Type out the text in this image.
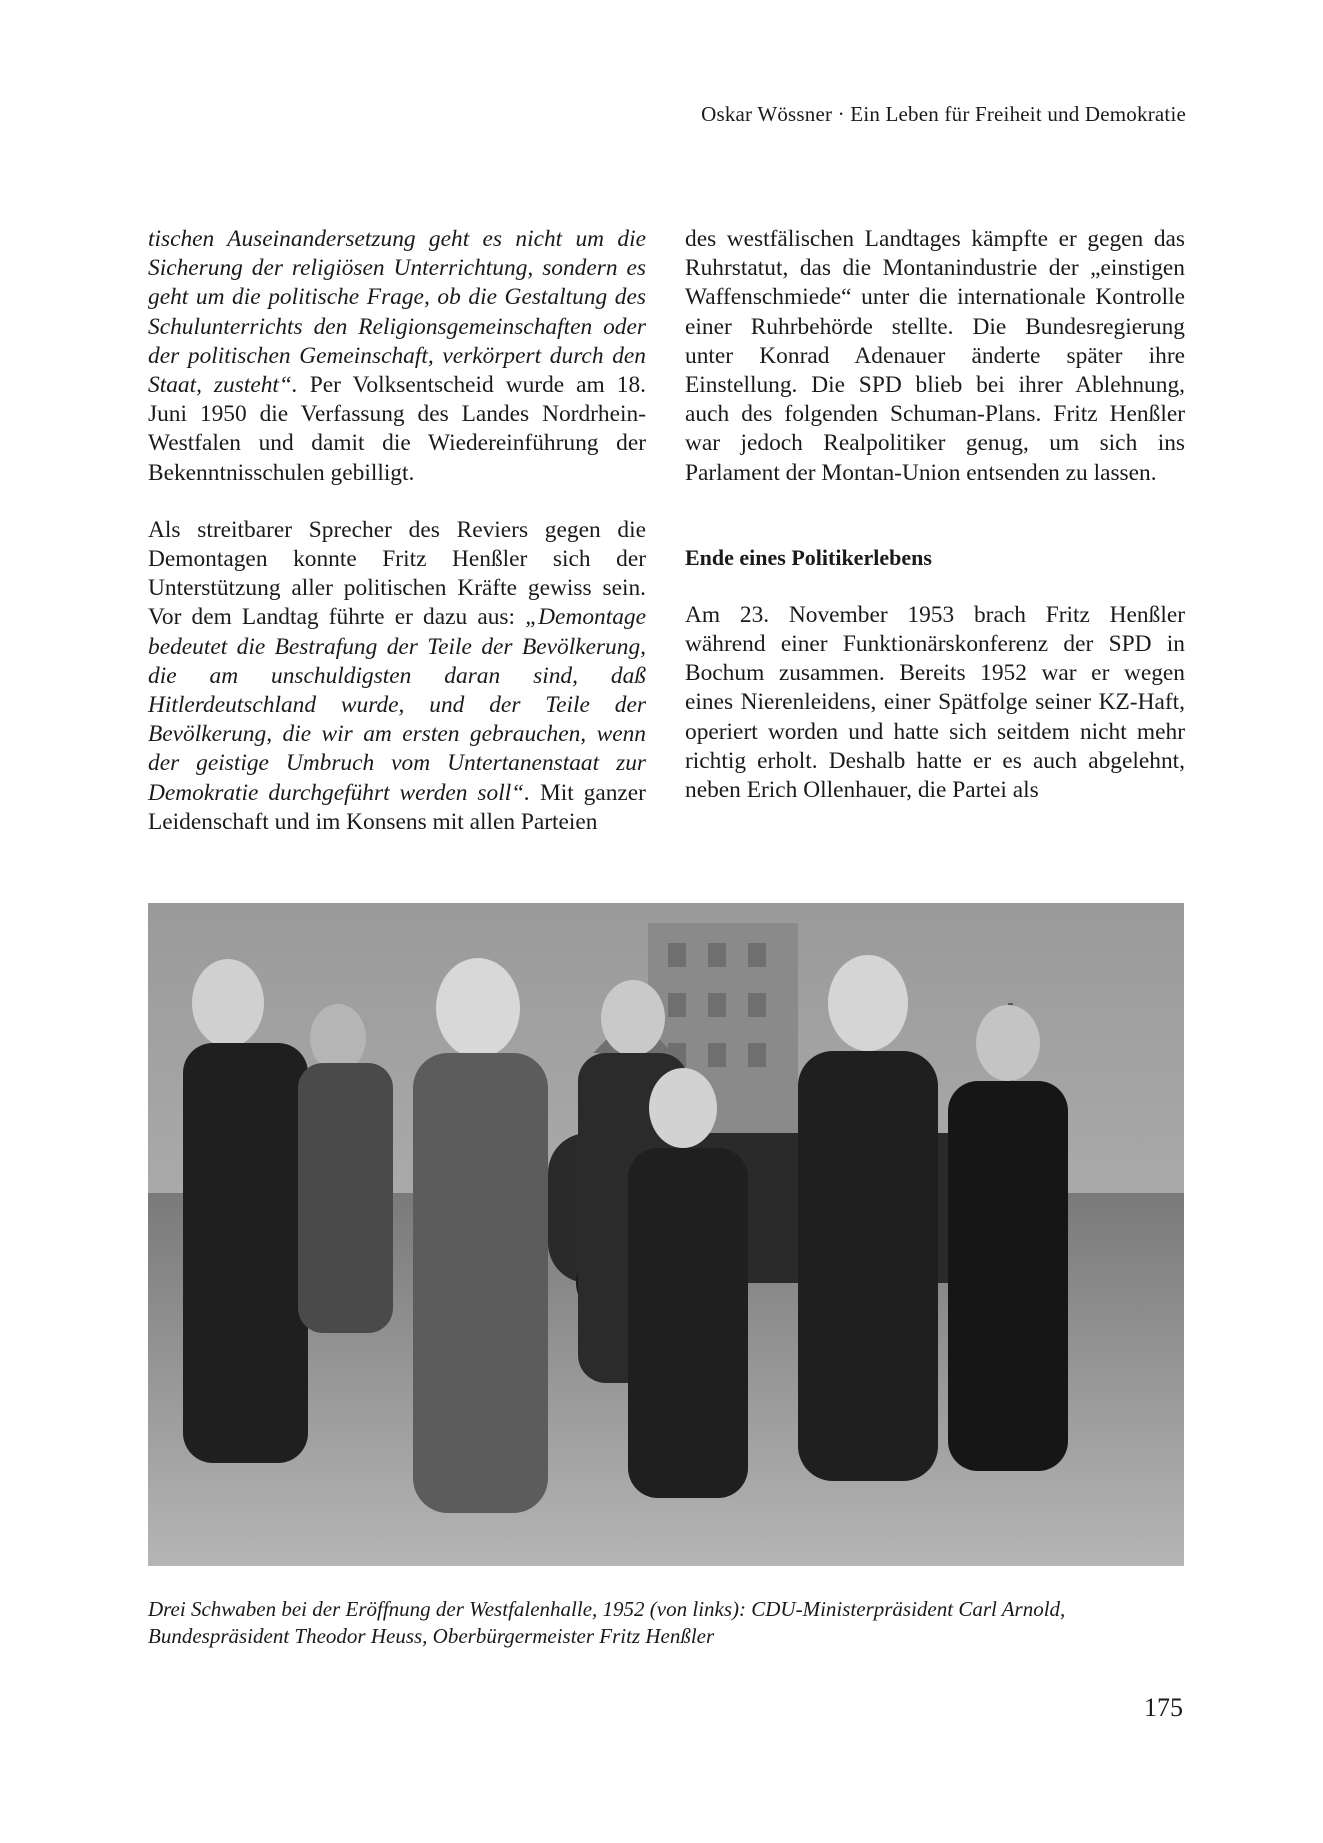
Oskar Wössner · Ein Leben für Freiheit und Demokratie

tischen Auseinandersetzung geht es nicht um die Sicherung der religiösen Unterrichtung, sondern es geht um die politische Frage, ob die Gestaltung des Schulunterrichts den Religionsgemeinschaften oder der politischen Gemeinschaft, verkörpert durch den Staat, zusteht“. Per Volksentscheid wurde am 18. Juni 1950 die Verfassung des Landes Nordrhein-Westfalen und damit die Wiedereinführung der Bekenntnisschulen gebilligt.

Als streitbarer Sprecher des Reviers gegen die Demontagen konnte Fritz Henßler sich der Unterstützung aller politischen Kräfte gewiss sein. Vor dem Landtag führte er dazu aus: „Demontage bedeutet die Bestrafung der Teile der Bevölkerung, die am unschuldigsten daran sind, daß Hitlerdeutschland wurde, und der Teile der Bevölkerung, die wir am ersten gebrauchen, wenn der geistige Umbruch vom Untertanenstaat zur Demokratie durchgeführt werden soll“. Mit ganzer Leidenschaft und im Konsens mit allen Parteien

des westfälischen Landtages kämpfte er gegen das Ruhrstatut, das die Montanindustrie der „einstigen Waffenschmiede“ unter die internationale Kontrolle einer Ruhrbehörde stellte. Die Bundesregierung unter Konrad Adenauer änderte später ihre Einstellung. Die SPD blieb bei ihrer Ablehnung, auch des folgenden Schuman-Plans. Fritz Henßler war jedoch Realpolitiker genug, um sich ins Parlament der Montan-Union entsenden zu lassen.

Ende eines Politikerlebens

Am 23. November 1953 brach Fritz Henßler während einer Funktionärskonferenz der SPD in Bochum zusammen. Bereits 1952 war er wegen eines Nierenleidens, einer Spätfolge seiner KZ-Haft, operiert worden und hatte sich seitdem nicht mehr richtig erholt. Deshalb hatte er es auch abgelehnt, neben Erich Ollenhauer, die Partei als

Drei Schwaben bei der Eröffnung der Westfalenhalle, 1952 (von links): CDU-Ministerpräsident Carl Arnold,
Bundespräsident Theodor Heuss, Oberbürgermeister Fritz Henßler
175
